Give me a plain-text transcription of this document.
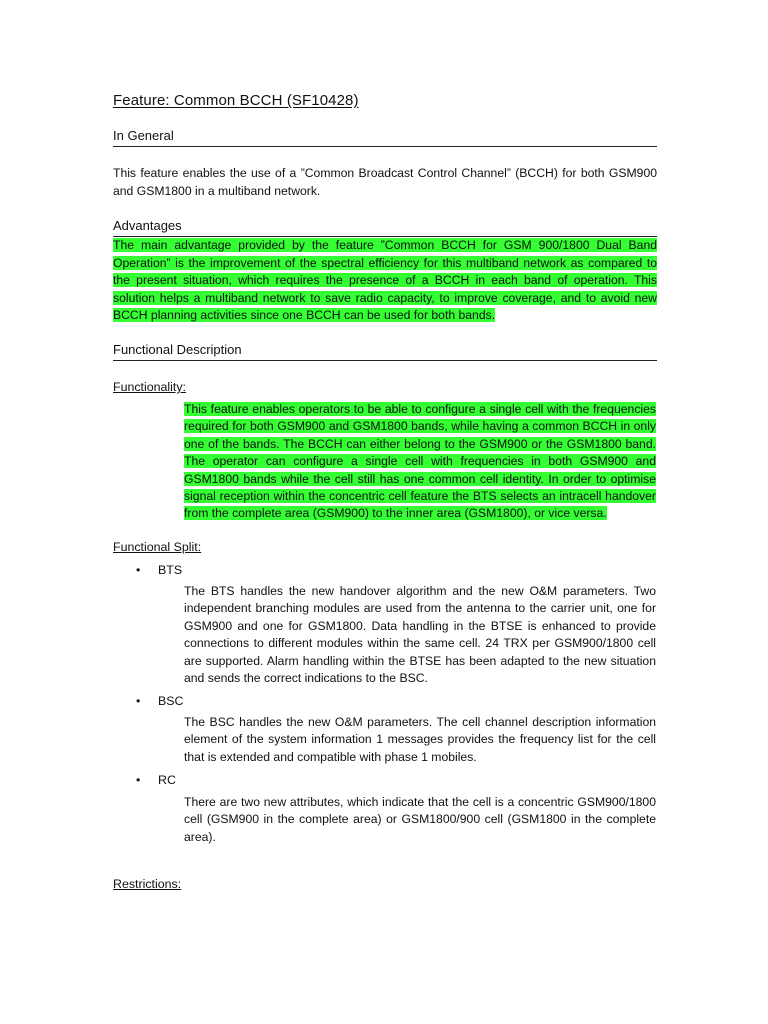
Feature: Common BCCH (SF10428)
In General
This feature enables the use of a ”Common Broadcast Control Channel” (BCCH) for both GSM900 and GSM1800 in a multiband network.
Advantages
The main advantage provided by the feature ”Common BCCH for GSM 900/1800 Dual Band Operation” is the improvement of the spectral efficiency for this multiband network as compared to the present situation, which requires the presence of a BCCH in each band of operation. This solution helps a multiband network to save radio capacity, to improve coverage, and to avoid new BCCH planning activities since one BCCH can be used for both bands.
Functional Description
Functionality:
This feature enables operators to be able to configure a single cell with the frequencies required for both GSM900 and GSM1800 bands, while having a common BCCH in only one of the bands. The BCCH can either belong to the GSM900 or the GSM1800 band. The operator can configure a single cell with frequencies in both GSM900 and GSM1800 bands while the cell still has one common cell identity. In order to optimise signal reception within the concentric cell feature the BTS selects an intracell handover from the complete area (GSM900) to the inner area (GSM1800), or vice versa.
Functional Split:
• BTS
The BTS handles the new handover algorithm and the new O&M parameters. Two independent branching modules are used from the antenna to the carrier unit, one for GSM900 and one for GSM1800. Data handling in the BTSE is enhanced to provide connections to different modules within the same cell. 24 TRX per GSM900/1800 cell are supported. Alarm handling within the BTSE has been adapted to the new situation and sends the correct indications to the BSC.
• BSC
The BSC handles the new O&M parameters. The cell channel description information element of the system information 1 messages provides the frequency list for the cell that is extended and compatible with phase 1 mobiles.
• RC
There are two new attributes, which indicate that the cell is a concentric GSM900/1800 cell (GSM900 in the complete area) or GSM1800/900 cell (GSM1800 in the complete area).
Restrictions:
